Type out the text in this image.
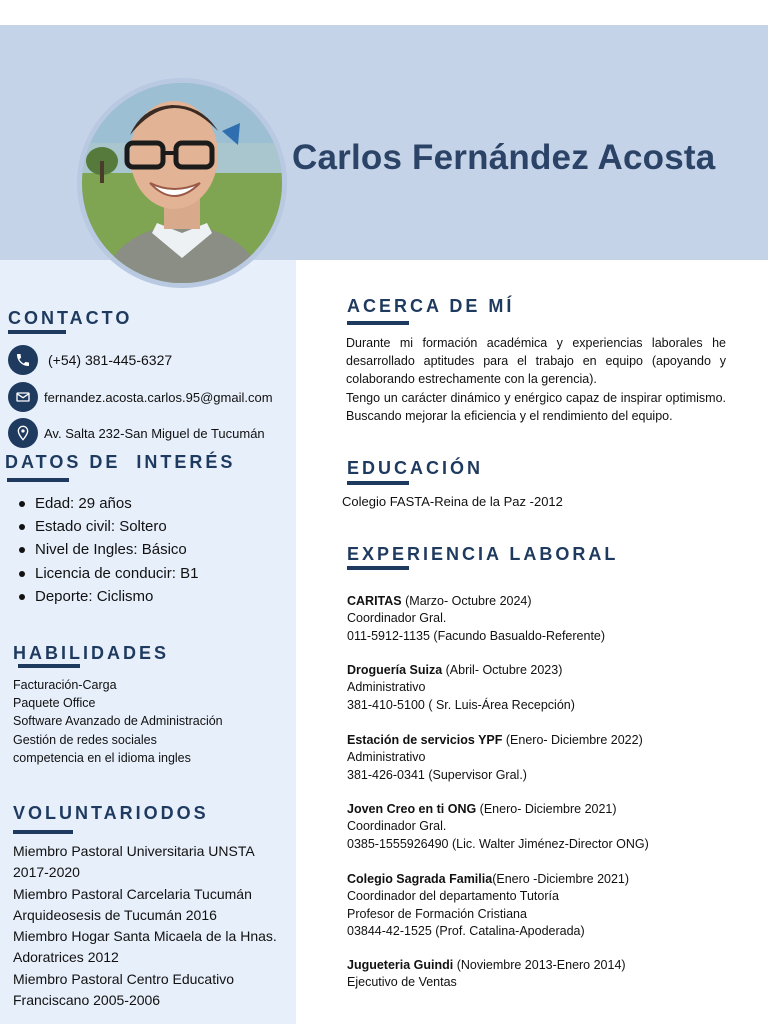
Carlos Fernández Acosta
CONTACTO
(+54) 381-445-6327
fernandez.acosta.carlos.95@gmail.com
Av. Salta 232-San Miguel de Tucumán
DATOS DE  INTERÉS
Edad: 29 años
Estado civil: Soltero
Nivel de Ingles: Básico
Licencia de conducir: B1
Deporte: Ciclismo
HABILIDADES
Facturación-Carga
Paquete Office
Software Avanzado de Administración
Gestión de redes sociales
competencia en el idioma ingles
VOLUNTARIODOS
Miembro Pastoral Universitaria UNSTA 2017-2020
Miembro Pastoral Carcelaria Tucumán Arquideosesis de Tucumán 2016
Miembro Hogar Santa Micaela de la Hnas. Adoratrices 2012
Miembro Pastoral Centro Educativo Franciscano 2005-2006
ACERCA DE MÍ
Durante mi formación académica y experiencias laborales he desarrollado aptitudes para el trabajo en equipo (apoyando y colaborando estrechamente con la gerencia).
Tengo un carácter dinámico y enérgico capaz de inspirar optimismo. Buscando mejorar la eficiencia y el rendimiento del equipo.
EDUCACIÓN
Colegio FASTA-Reina de la Paz -2012
EXPERIENCIA LABORAL
CARITAS (Marzo- Octubre 2024)
Coordinador Gral.
011-5912-1135 (Facundo Basualdo-Referente)
Droguería Suiza (Abril- Octubre 2023)
Administrativo
381-410-5100 ( Sr. Luis-Área Recepción)
Estación de servicios YPF (Enero- Diciembre 2022)
Administrativo
381-426-0341 (Supervisor Gral.)
Joven Creo en ti ONG (Enero- Diciembre 2021)
Coordinador Gral.
0385-1555926490 (Lic. Walter Jiménez-Director ONG)
Colegio Sagrada Familia(Enero -Diciembre 2021)
Coordinador del departamento Tutoría
Profesor de Formación Cristiana
03844-42-1525 (Prof. Catalina-Apoderada)
Jugueteria Guindi (Noviembre 2013-Enero 2014)
Ejecutivo de Ventas
